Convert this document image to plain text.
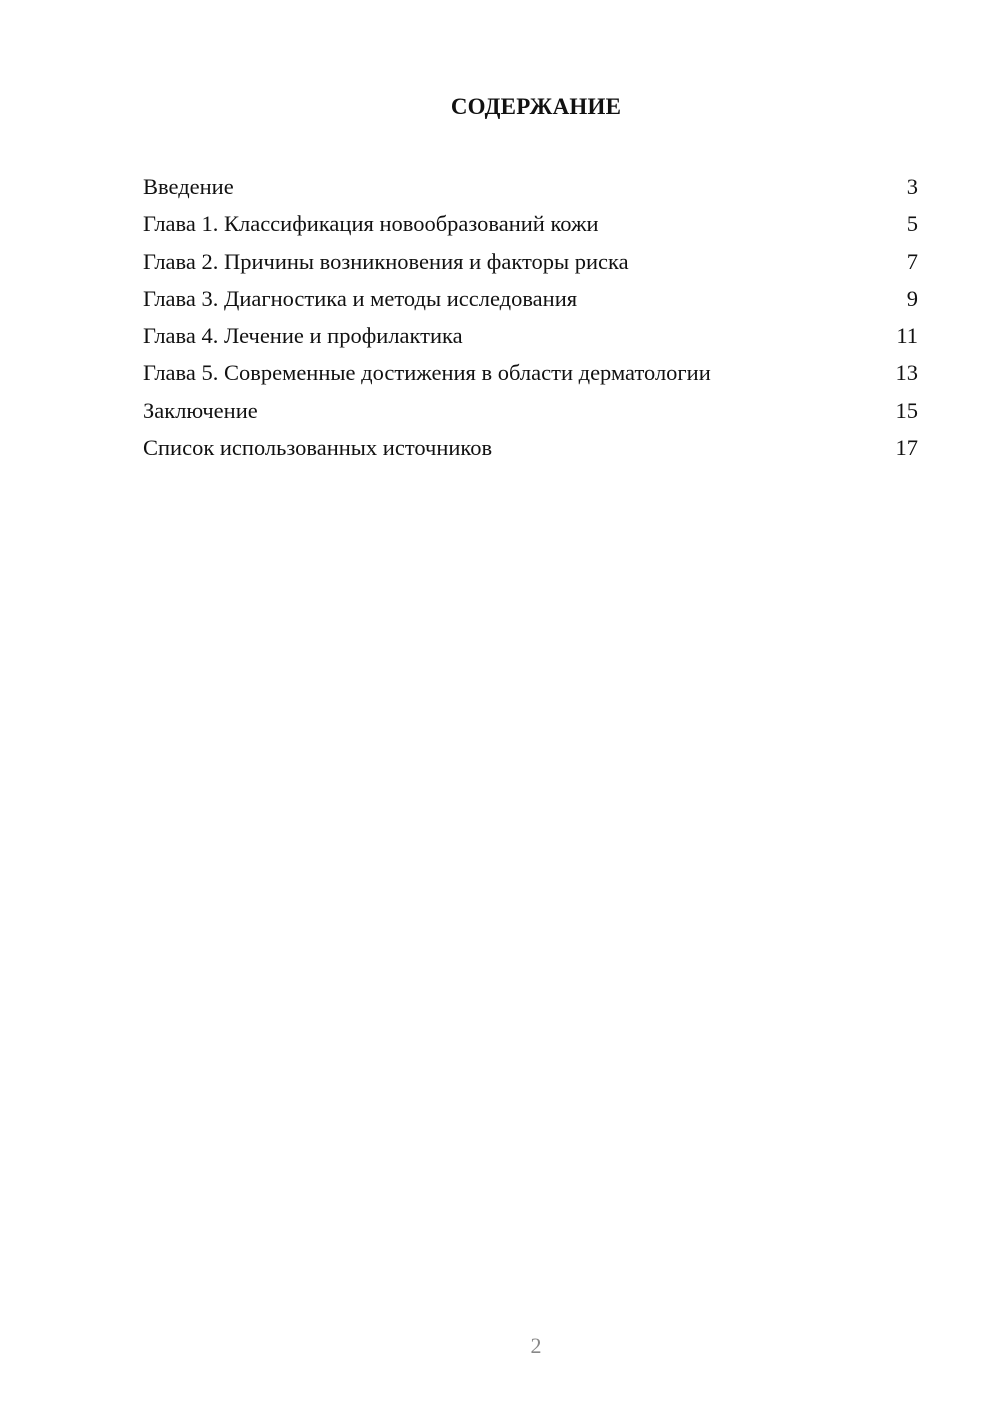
СОДЕРЖАНИЕ
Введение	3
Глава 1. Классификация новообразований кожи	5
Глава 2. Причины возникновения и факторы риска	7
Глава 3. Диагностика и методы исследования	9
Глава 4. Лечение и профилактика	11
Глава 5. Современные достижения в области дерматологии	13
Заключение	15
Список использованных источников	17
2
